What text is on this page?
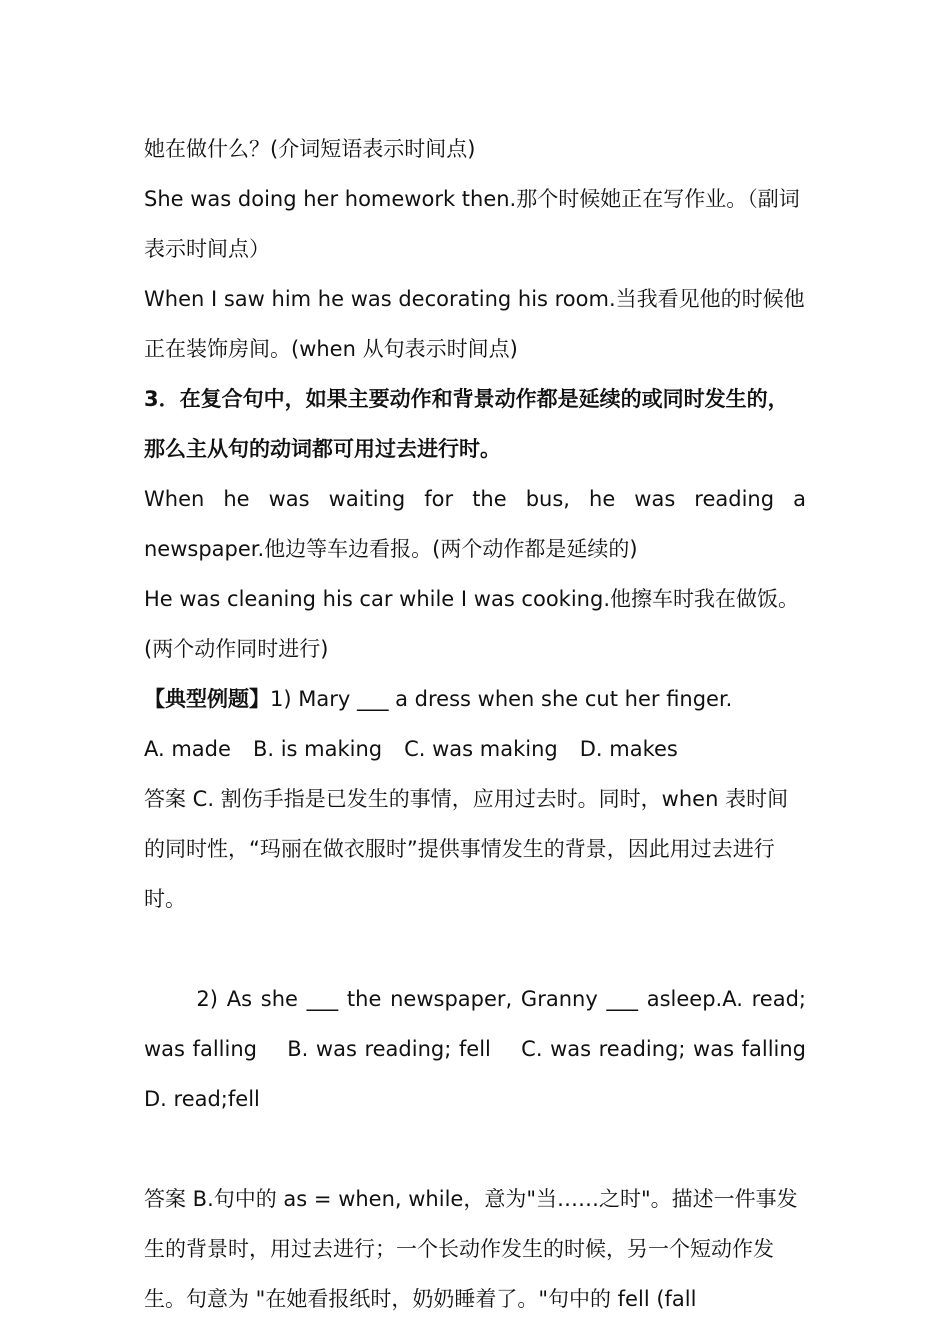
她在做什么？(介词短语表示时间点)

She was doing her homework then.那个时候她正在写作业。（副词表示时间点）

When I saw him he was decorating his room.当我看见他的时候他正在装饰房间。(when 从句表示时间点)

3．在复合句中，如果主要动作和背景动作都是延续的或同时发生的，那么主从句的动词都可用过去进行时。

When he was waiting for the bus, he was reading a newspaper.他边等车边看报。(两个动作都是延续的)

He was cleaning his car while I was cooking.他擦车时我在做饭。(两个动作同时进行)

【典型例题】1) Mary ___ a dress when she cut her finger.

A. made B. is making C. was making D. makes

答案 C. 割伤手指是已发生的事情，应用过去时。同时，when 表时间的同时性，“玛丽在做衣服时”提供事情发生的背景，因此用过去进行时。

2) As she ___ the newspaper, Granny ___ asleep.A. read; was falling    B. was reading; fell    C. was reading; was falling    D. read;fell

答案 B.句中的 as = when, while，意为"当……之时"。描述一件事发生的背景时，用过去进行；一个长动作发生的时候，另一个短动作发生。句意为 "在她看报纸时，奶奶睡着了。"句中的 fell (fall
